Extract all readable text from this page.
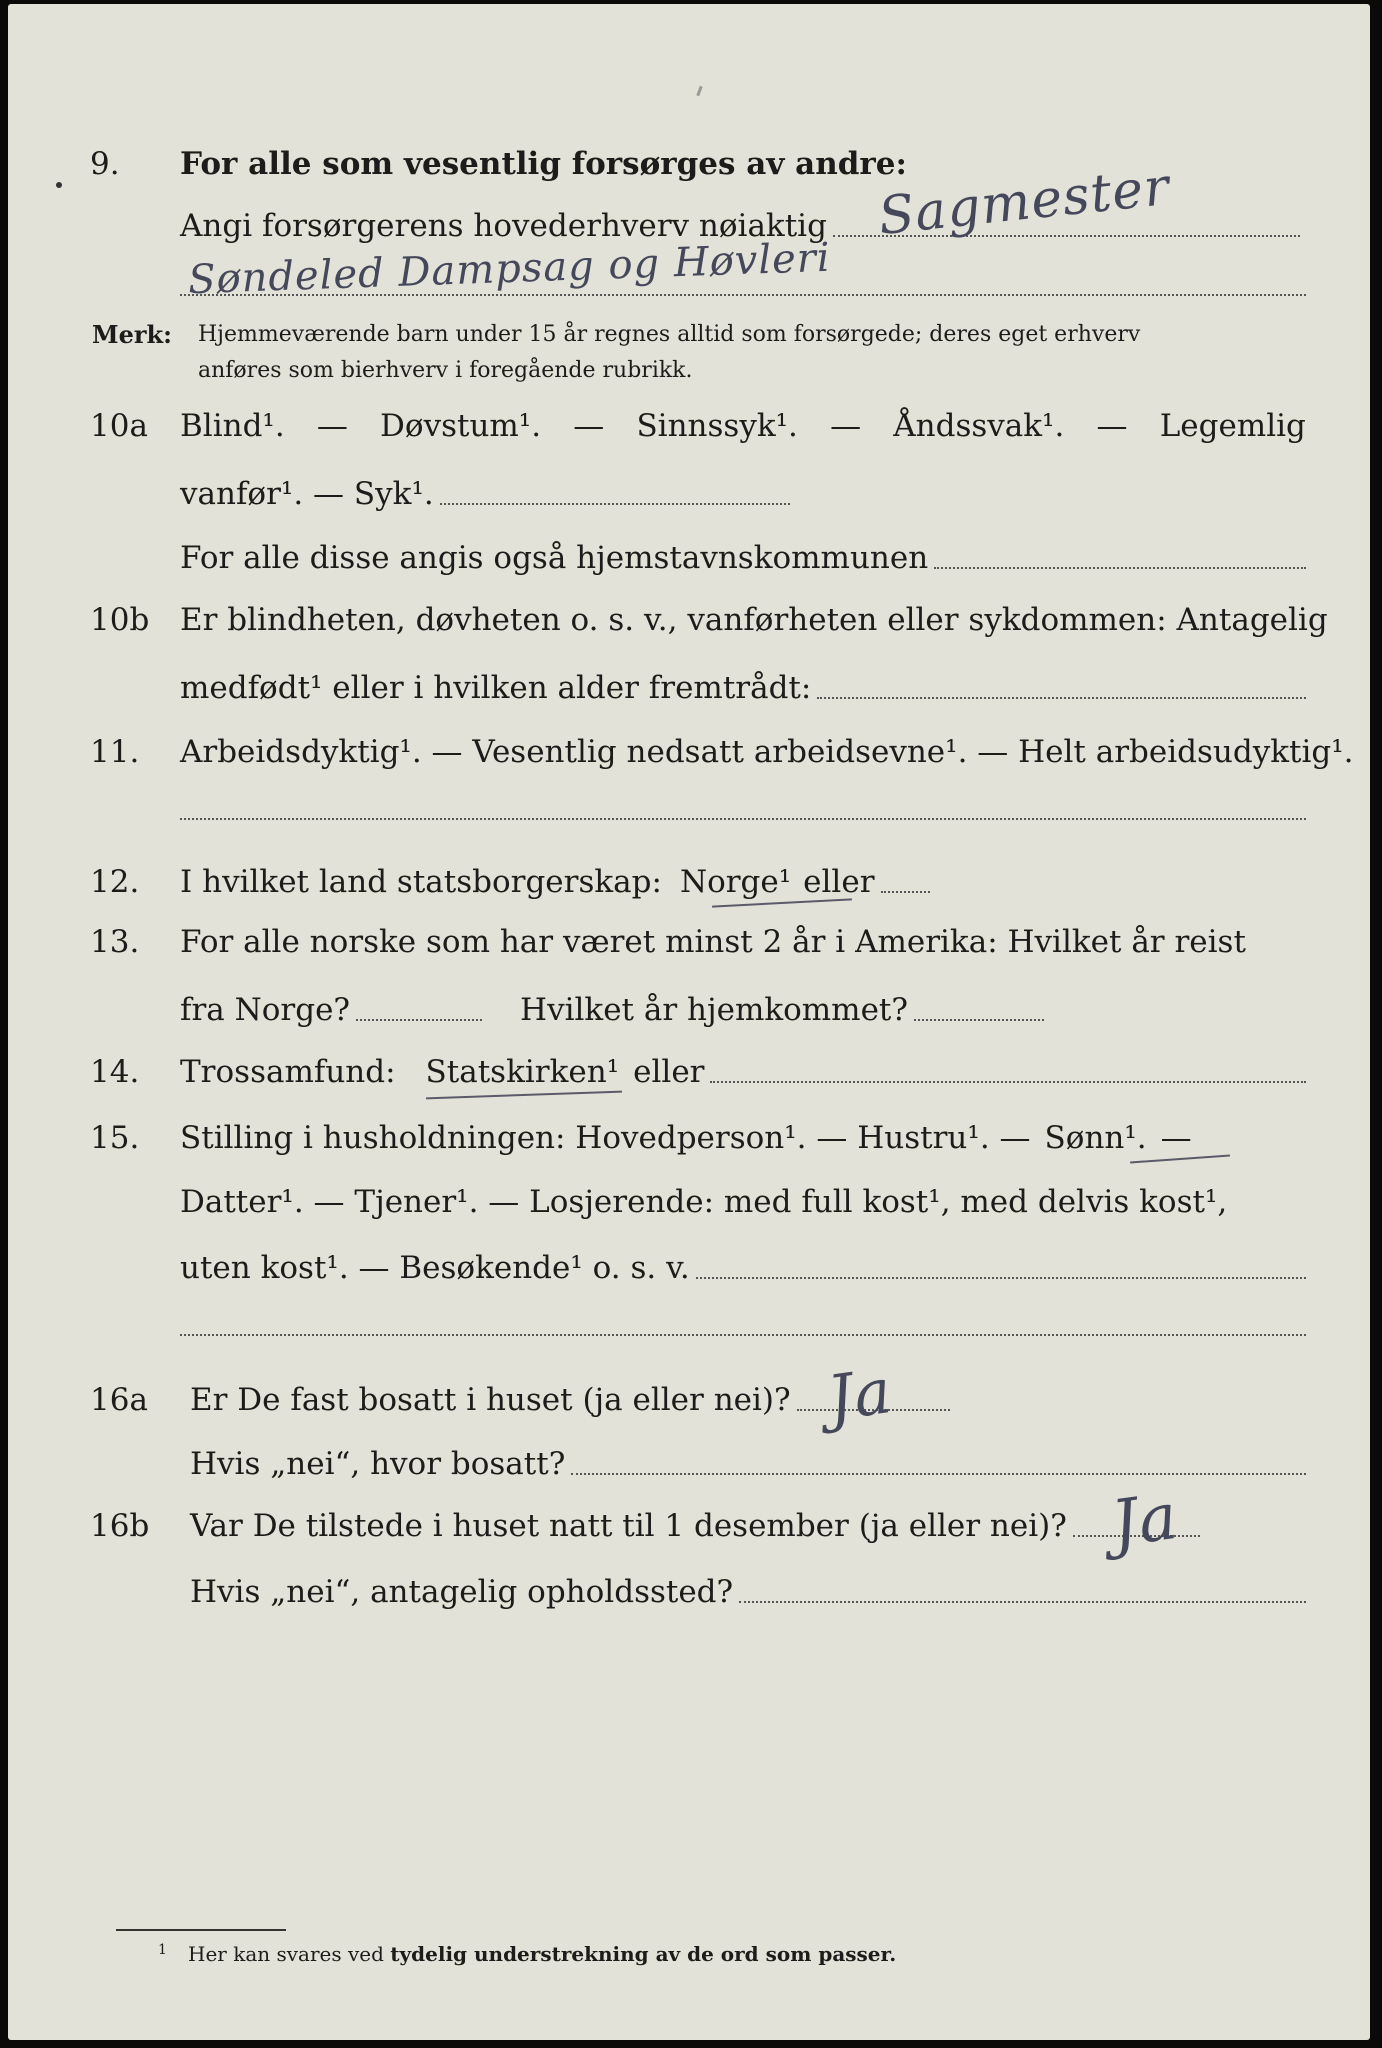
9.	For alle som vesentlig forsørges av andre:
Angi forsørgerens hovederhverv nøiaktig Sagmester
Søndeled Dampsag og Høvleri
Merk: Hjemmeværende barn under 15 år regnes alltid som forsørgede; deres eget erhverv
anføres som bierhverv i foregående rubrikk.
10a	Blind¹. — Døvstum¹. — Sinnssyk¹. — Åndssvak¹. — Legemlig
vanfør¹. — Syk¹.
For alle disse angis også hjemstavnskommunen
10b Er blindheten, døvheten o. s. v., vanførheten eller sykdommen: Antagelig
medfødt¹ eller i hvilken alder fremtrådt:
11.	Arbeidsdyktig¹. — Vesentlig nedsatt arbeidsevne¹. — Helt arbeidsudyktig¹.
12.	I hvilket land statsborgerskap: Norge¹ eller
13.	For alle norske som har været minst 2 år i Amerika: Hvilket år reist
fra Norge?	Hvilket år hjemkommet?
14.	Trossamfund: Statskirken¹ eller
15.	Stilling i husholdningen: Hovedperson¹. — Hustru¹. — Sønn¹. —
Datter¹. — Tjener¹. — Losjerende: med full kost¹, med delvis kost¹,
uten kost¹. — Besøkende¹ o. s. v.
16a	Er De fast bosatt i huset (ja eller nei)? Ja
Hvis „nei“, hvor bosatt?
16b	Var De tilstede i huset natt til 1 desember (ja eller nei)? Ja
Hvis „nei“, antagelig opholdssted?
1 Her kan svares ved tydelig understrekning av de ord som passer.
